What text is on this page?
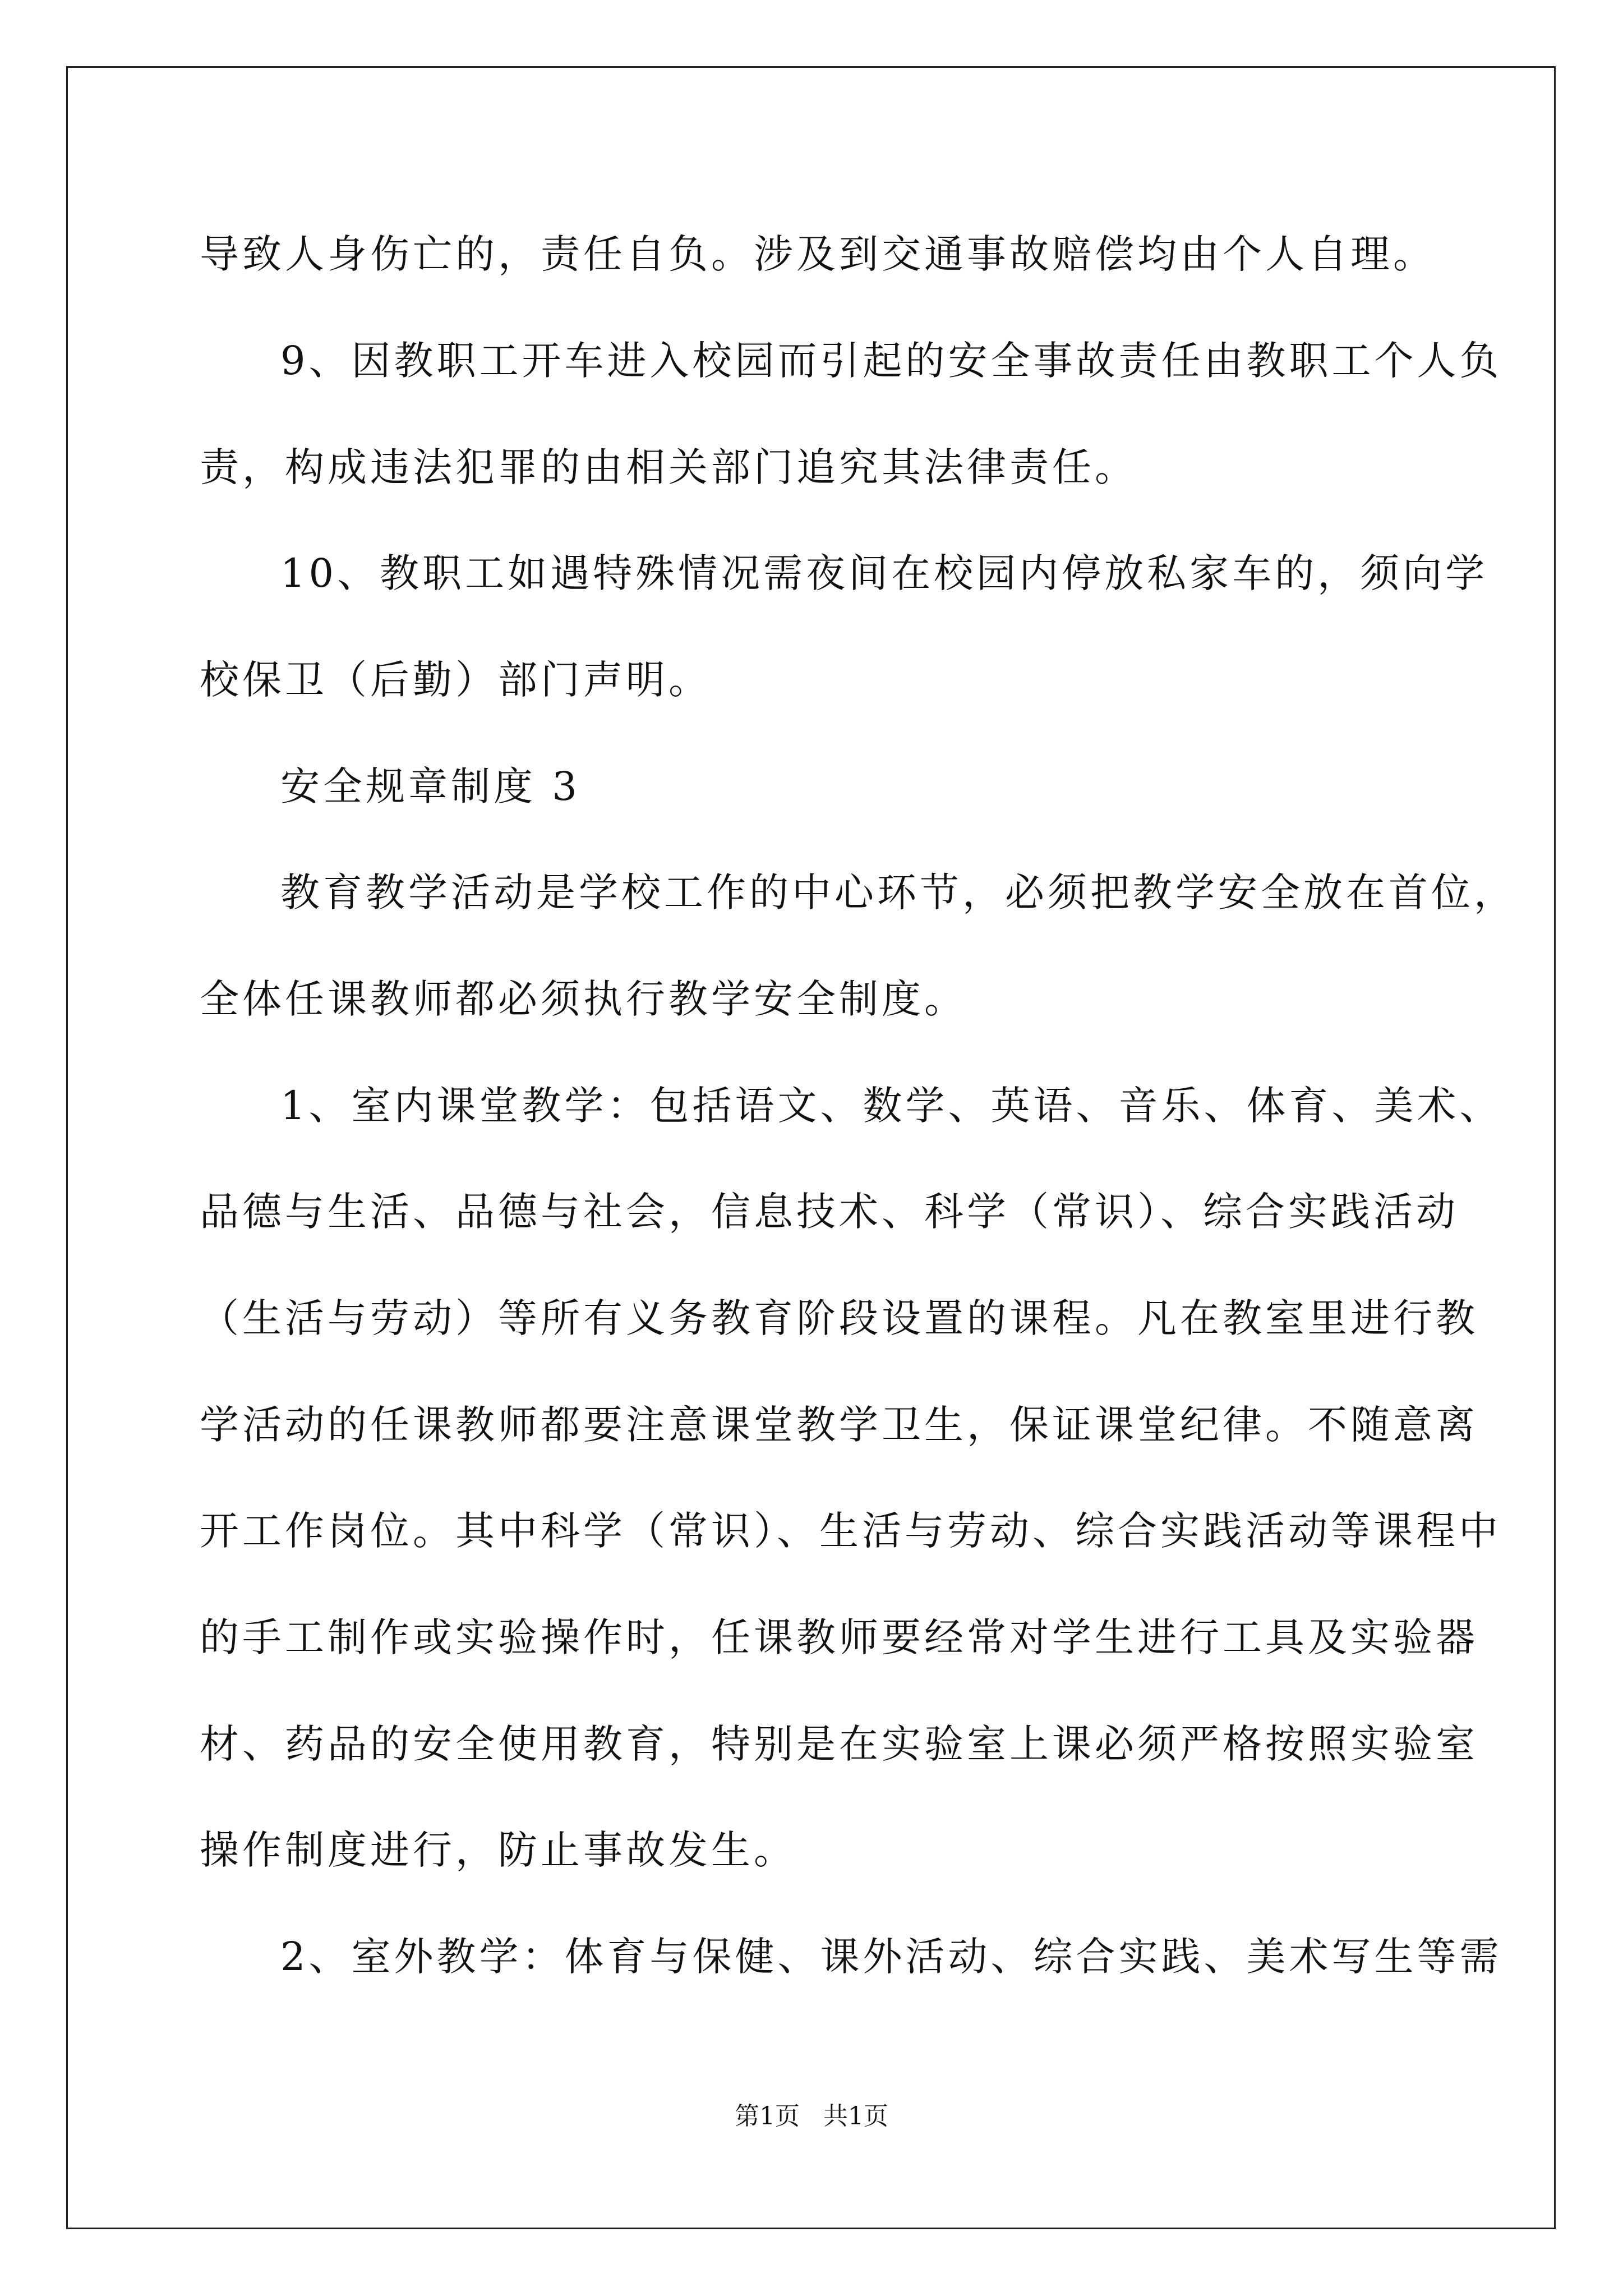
导致人身伤亡的，责任自负。涉及到交通事故赔偿均由个人自理。
9、因教职工开车进入校园而引起的安全事故责任由教职工个人负
责，构成违法犯罪的由相关部门追究其法律责任。
10、教职工如遇特殊情况需夜间在校园内停放私家车的，须向学
校保卫（后勤）部门声明。
安全规章制度 3
教育教学活动是学校工作的中心环节，必须把教学安全放在首位，
全体任课教师都必须执行教学安全制度。
1、室内课堂教学：包括语文、数学、英语、音乐、体育、美术、
品德与生活、品德与社会，信息技术、科学（常识）、综合实践活动
（生活与劳动）等所有义务教育阶段设置的课程。凡在教室里进行教
学活动的任课教师都要注意课堂教学卫生，保证课堂纪律。不随意离
开工作岗位。其中科学（常识）、生活与劳动、综合实践活动等课程中
的手工制作或实验操作时，任课教师要经常对学生进行工具及实验器
材、药品的安全使用教育，特别是在实验室上课必须严格按照实验室
操作制度进行，防止事故发生。
2、室外教学：体育与保健、课外活动、综合实践、美术写生等需
第1页   共1页
